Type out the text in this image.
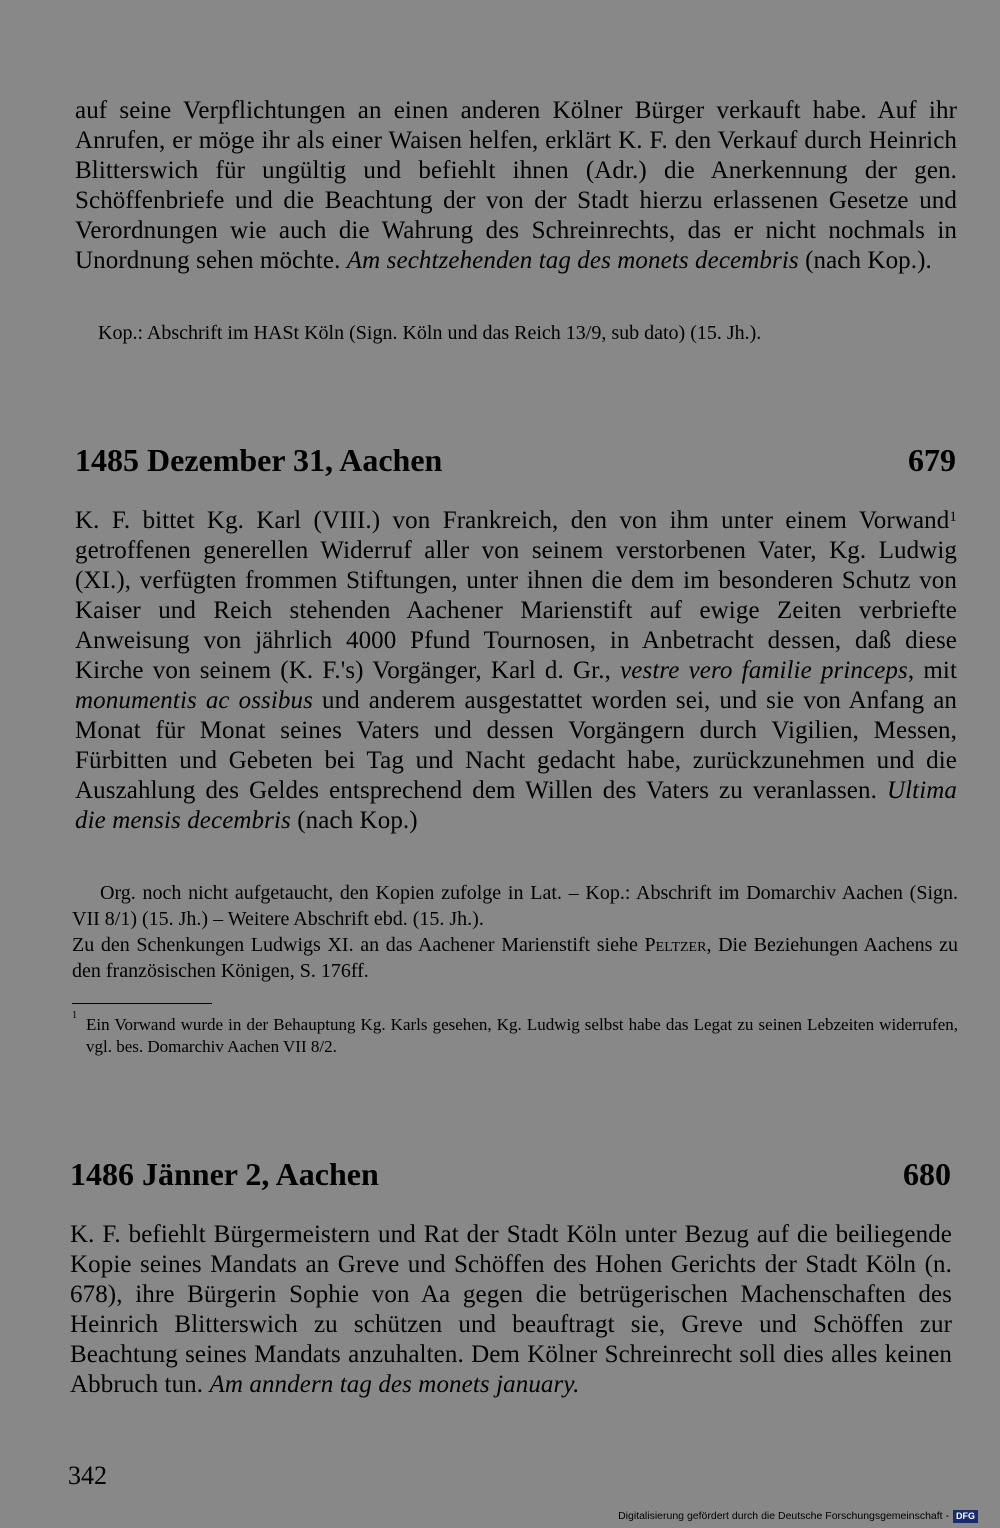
auf seine Verpflichtungen an einen anderen Kölner Bürger verkauft habe. Auf ihr Anrufen, er möge ihr als einer Waisen helfen, erklärt K. F. den Verkauf durch Heinrich Blitterswich für ungültig und befiehlt ihnen (Adr.) die Anerkennung der gen. Schöffenbriefe und die Beachtung der von der Stadt hierzu erlassenen Gesetze und Verordnungen wie auch die Wahrung des Schreinrechts, das er nicht nochmals in Unordnung sehen möchte. Am sechtzehenden tag des monets decembris (nach Kop.).
Kop.: Abschrift im HASt Köln (Sign. Köln und das Reich 13/9, sub dato) (15. Jh.).
1485 Dezember 31, Aachen	679
K. F. bittet Kg. Karl (VIII.) von Frankreich, den von ihm unter einem Vorwand$^1$ getroffenen generellen Widerruf aller von seinem verstorbenen Vater, Kg. Ludwig (XI.), verfügten frommen Stiftungen, unter ihnen die dem im besonderen Schutz von Kaiser und Reich stehenden Aachener Marienstift auf ewige Zeiten verbriefte Anweisung von jährlich 4000 Pfund Tournosen, in Anbetracht dessen, daß diese Kirche von seinem (K. F.'s) Vorgänger, Karl d. Gr., vestre vero familie princeps, mit monumentis ac ossibus und anderem ausgestattet worden sei, und sie von Anfang an Monat für Monat seines Vaters und dessen Vorgängern durch Vigilien, Messen, Fürbitten und Gebeten bei Tag und Nacht gedacht habe, zurückzunehmen und die Auszahlung des Geldes entsprechend dem Willen des Vaters zu veranlassen. Ultima die mensis decembris (nach Kop.)
Org. noch nicht aufgetaucht, den Kopien zufolge in Lat. – Kop.: Abschrift im Domarchiv Aachen (Sign. VII 8/1) (15. Jh.) – Weitere Abschrift ebd. (15. Jh.).
Zu den Schenkungen Ludwigs XI. an das Aachener Marienstift siehe Peltzer, Die Beziehungen Aachens zu den französischen Königen, S. 176ff.
1 Ein Vorwand wurde in der Behauptung Kg. Karls gesehen, Kg. Ludwig selbst habe das Legat zu seinen Lebzeiten widerrufen, vgl. bes. Domarchiv Aachen VII 8/2.
1486 Jänner 2, Aachen	680
K. F. befiehlt Bürgermeistern und Rat der Stadt Köln unter Bezug auf die beiliegende Kopie seines Mandats an Greve und Schöffen des Hohen Gerichts der Stadt Köln (n. 678), ihre Bürgerin Sophie von Aa gegen die betrügerischen Machenschaften des Heinrich Blitterswich zu schützen und beauftragt sie, Greve und Schöffen zur Beachtung seines Mandats anzuhalten. Dem Kölner Schreinrecht soll dies alles keinen Abbruch tun. Am anndern tag des monets january.
342
Digitalisierung gefördert durch die Deutsche Forschungsgemeinschaft - DFG
